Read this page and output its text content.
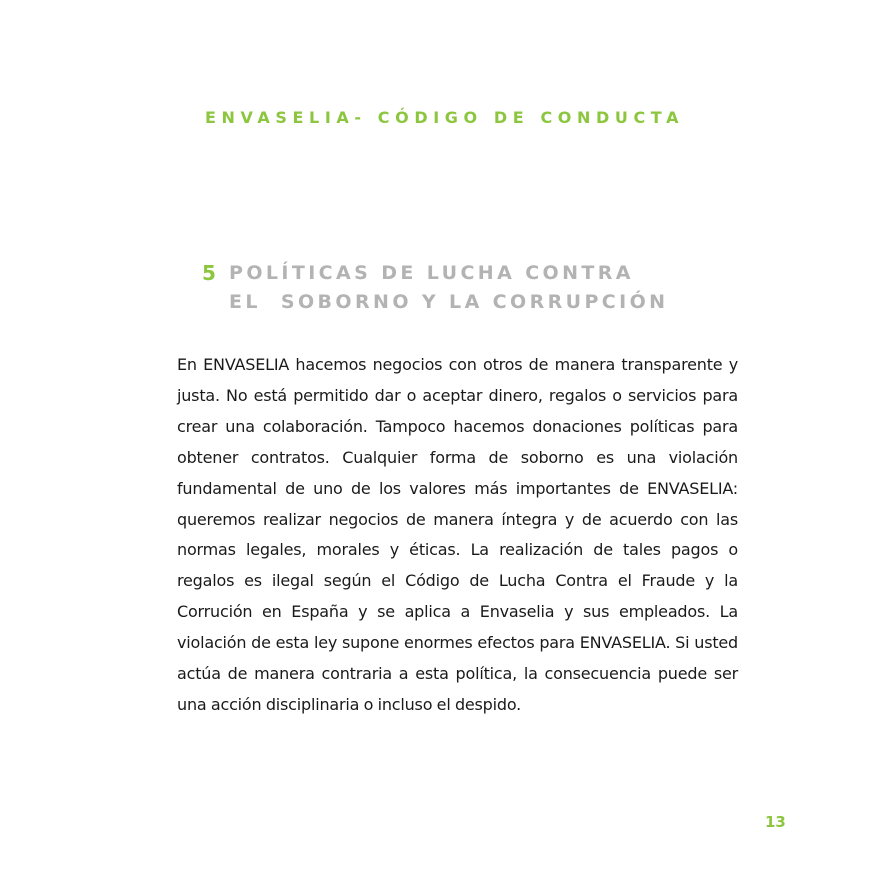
ENVASELIA- CÓDIGO DE CONDUCTA
5 POLÍTICAS DE LUCHA CONTRA
EL  SOBORNO Y LA CORRUPCIÓN

En ENVASELIA hacemos negocios con otros de manera transparente y justa. No está permitido dar o aceptar dinero, regalos o servicios para crear una colaboración. Tampoco hacemos donaciones políticas para obtener contratos. Cualquier forma de soborno es una violación fundamental de uno de los valores más importantes de ENVASELIA: queremos realizar negocios de manera íntegra y de acuerdo con las normas legales, morales y éticas. La realización de tales pagos o regalos es ilegal según el Código de Lucha Contra el Fraude y la Corrución en España y se aplica a Envaselia y sus empleados. La violación de esta ley supone enormes efectos para ENVASELIA. Si usted actúa de manera contraria a esta política, la consecuencia puede ser una acción disciplinaria o incluso el despido.

13
